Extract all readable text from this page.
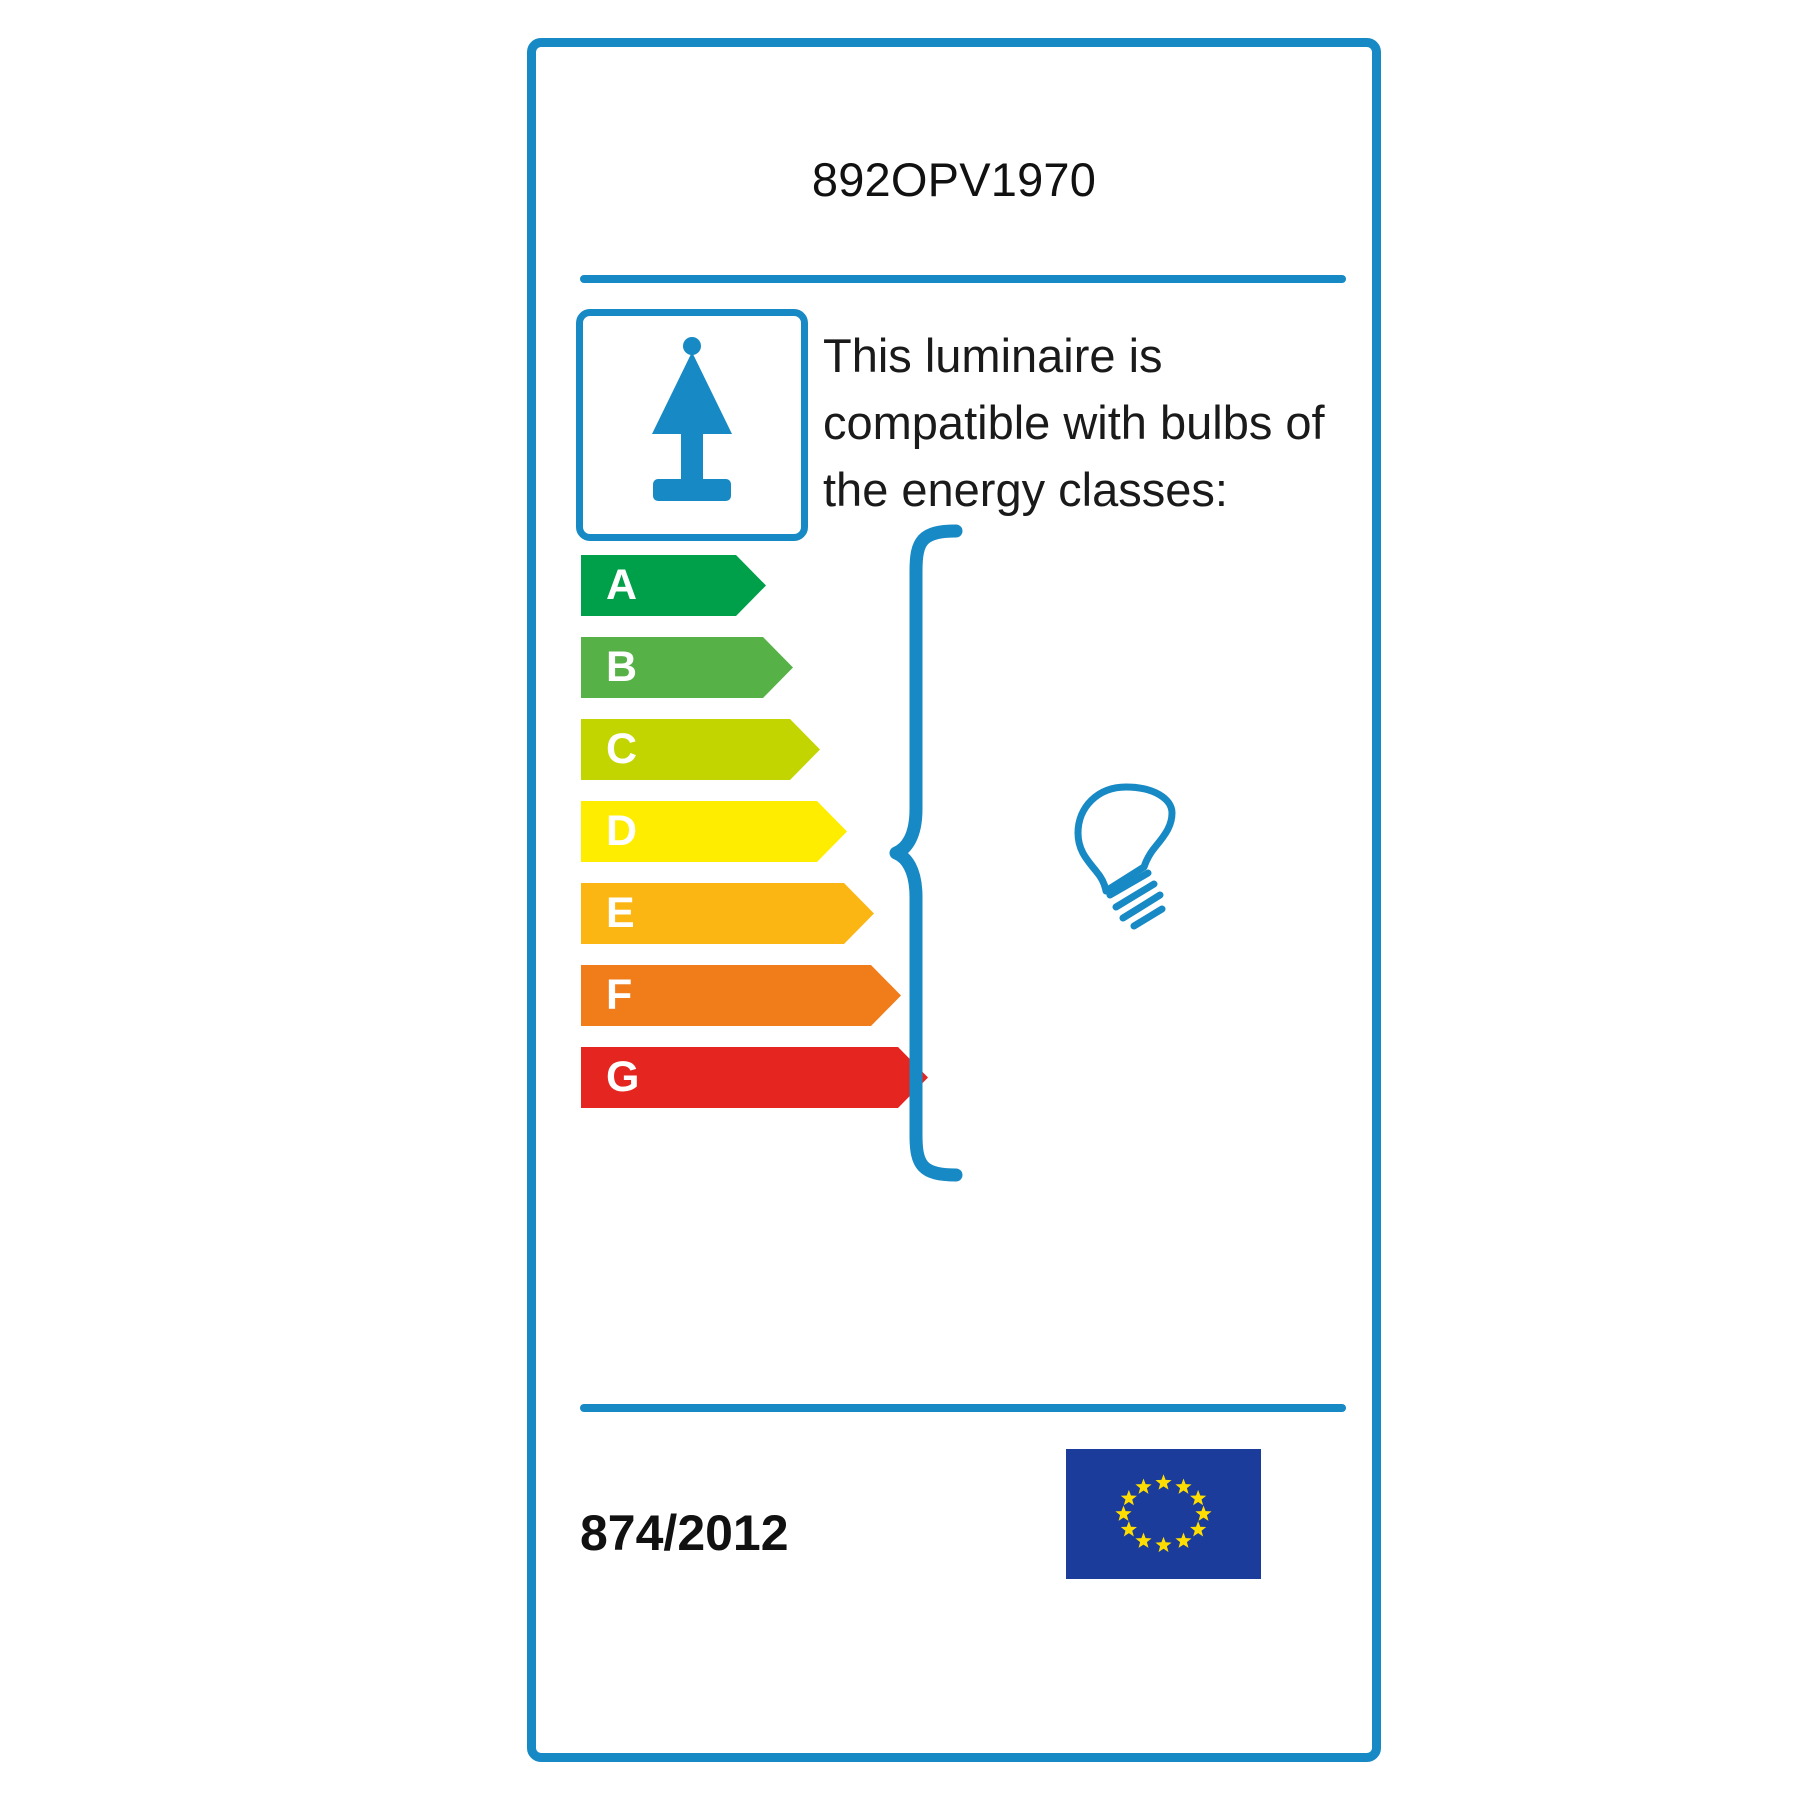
892OPV1970
This luminaire is compatible with bulbs of the energy classes:
A
B
C
D
E
F
G
874/2012
